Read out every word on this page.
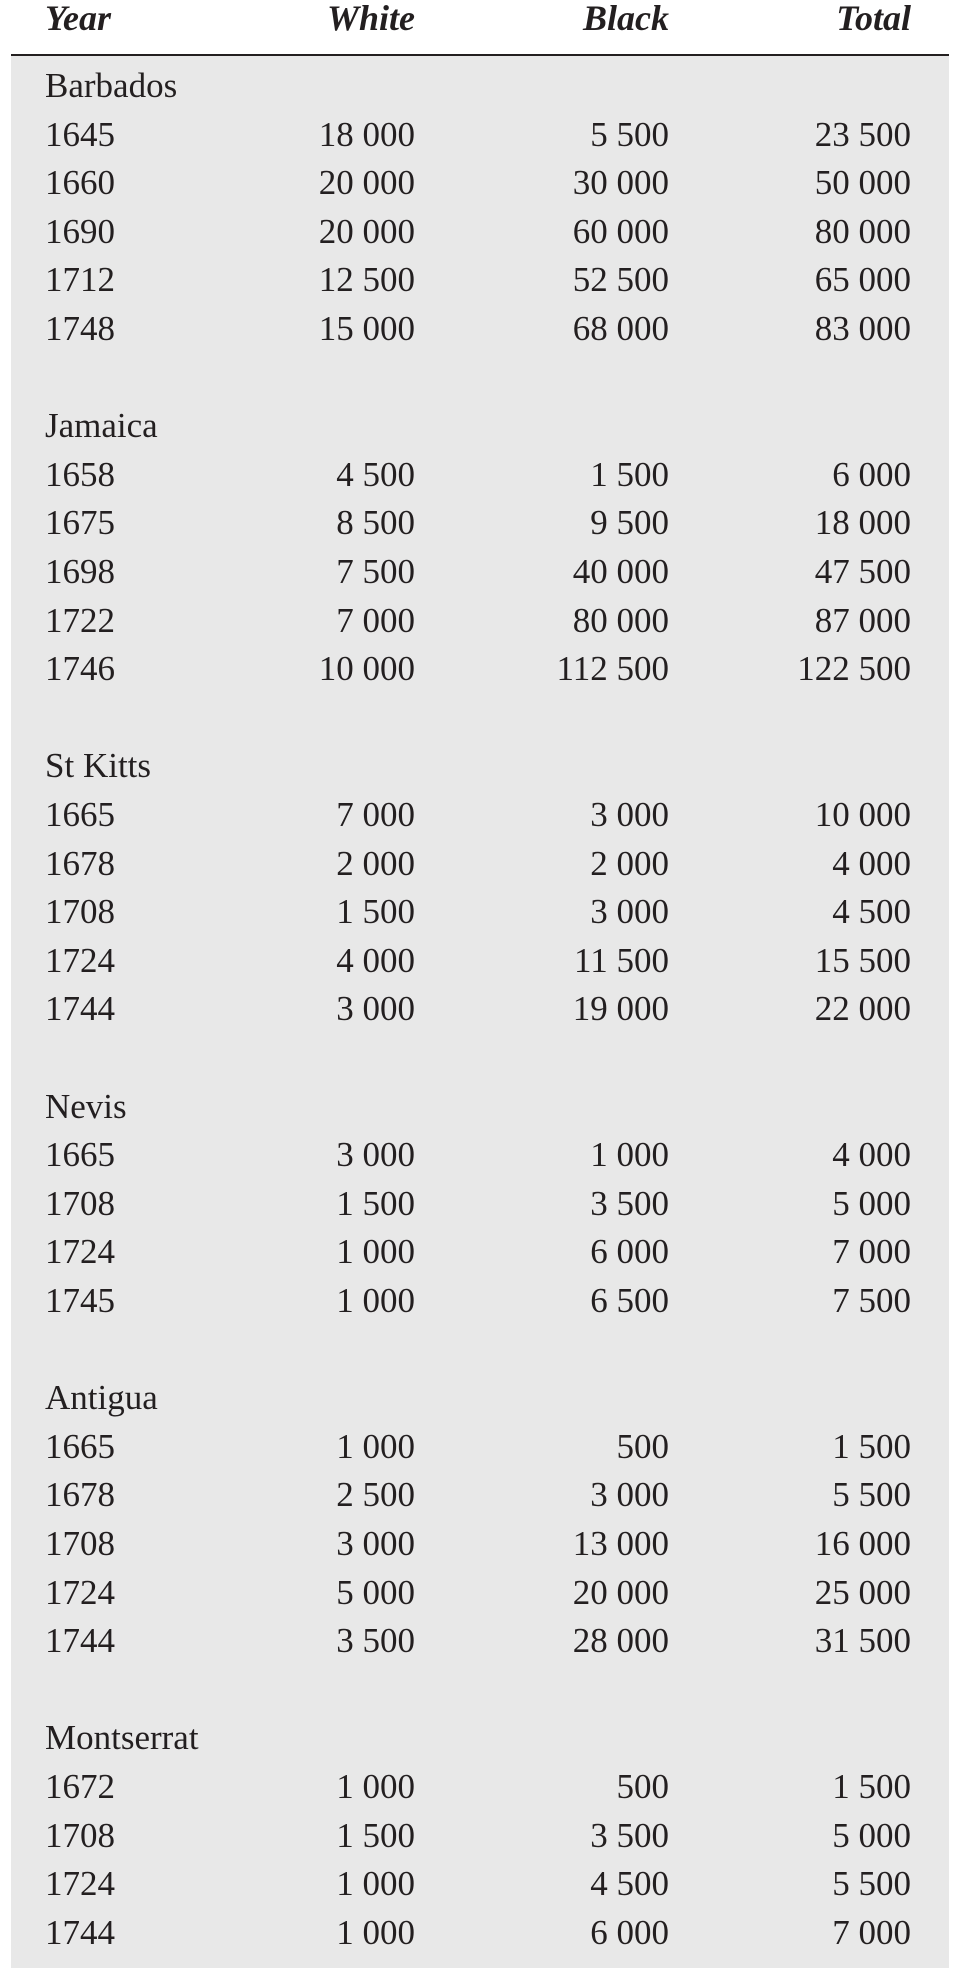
Year	White	Black	Total
Barbados
1645	18 000	5 500	23 500
1660	20 000	30 000	50 000
1690	20 000	60 000	80 000
1712	12 500	52 500	65 000
1748	15 000	68 000	83 000
Jamaica
1658	4 500	1 500	6 000
1675	8 500	9 500	18 000
1698	7 500	40 000	47 500
1722	7 000	80 000	87 000
1746	10 000	112 500	122 500
St Kitts
1665	7 000	3 000	10 000
1678	2 000	2 000	4 000
1708	1 500	3 000	4 500
1724	4 000	11 500	15 500
1744	3 000	19 000	22 000
Nevis
1665	3 000	1 000	4 000
1708	1 500	3 500	5 000
1724	1 000	6 000	7 000
1745	1 000	6 500	7 500
Antigua
1665	1 000	500	1 500
1678	2 500	3 000	5 500
1708	3 000	13 000	16 000
1724	5 000	20 000	25 000
1744	3 500	28 000	31 500
Montserrat
1672	1 000	500	1 500
1708	1 500	3 500	5 000
1724	1 000	4 500	5 500
1744	1 000	6 000	7 000
